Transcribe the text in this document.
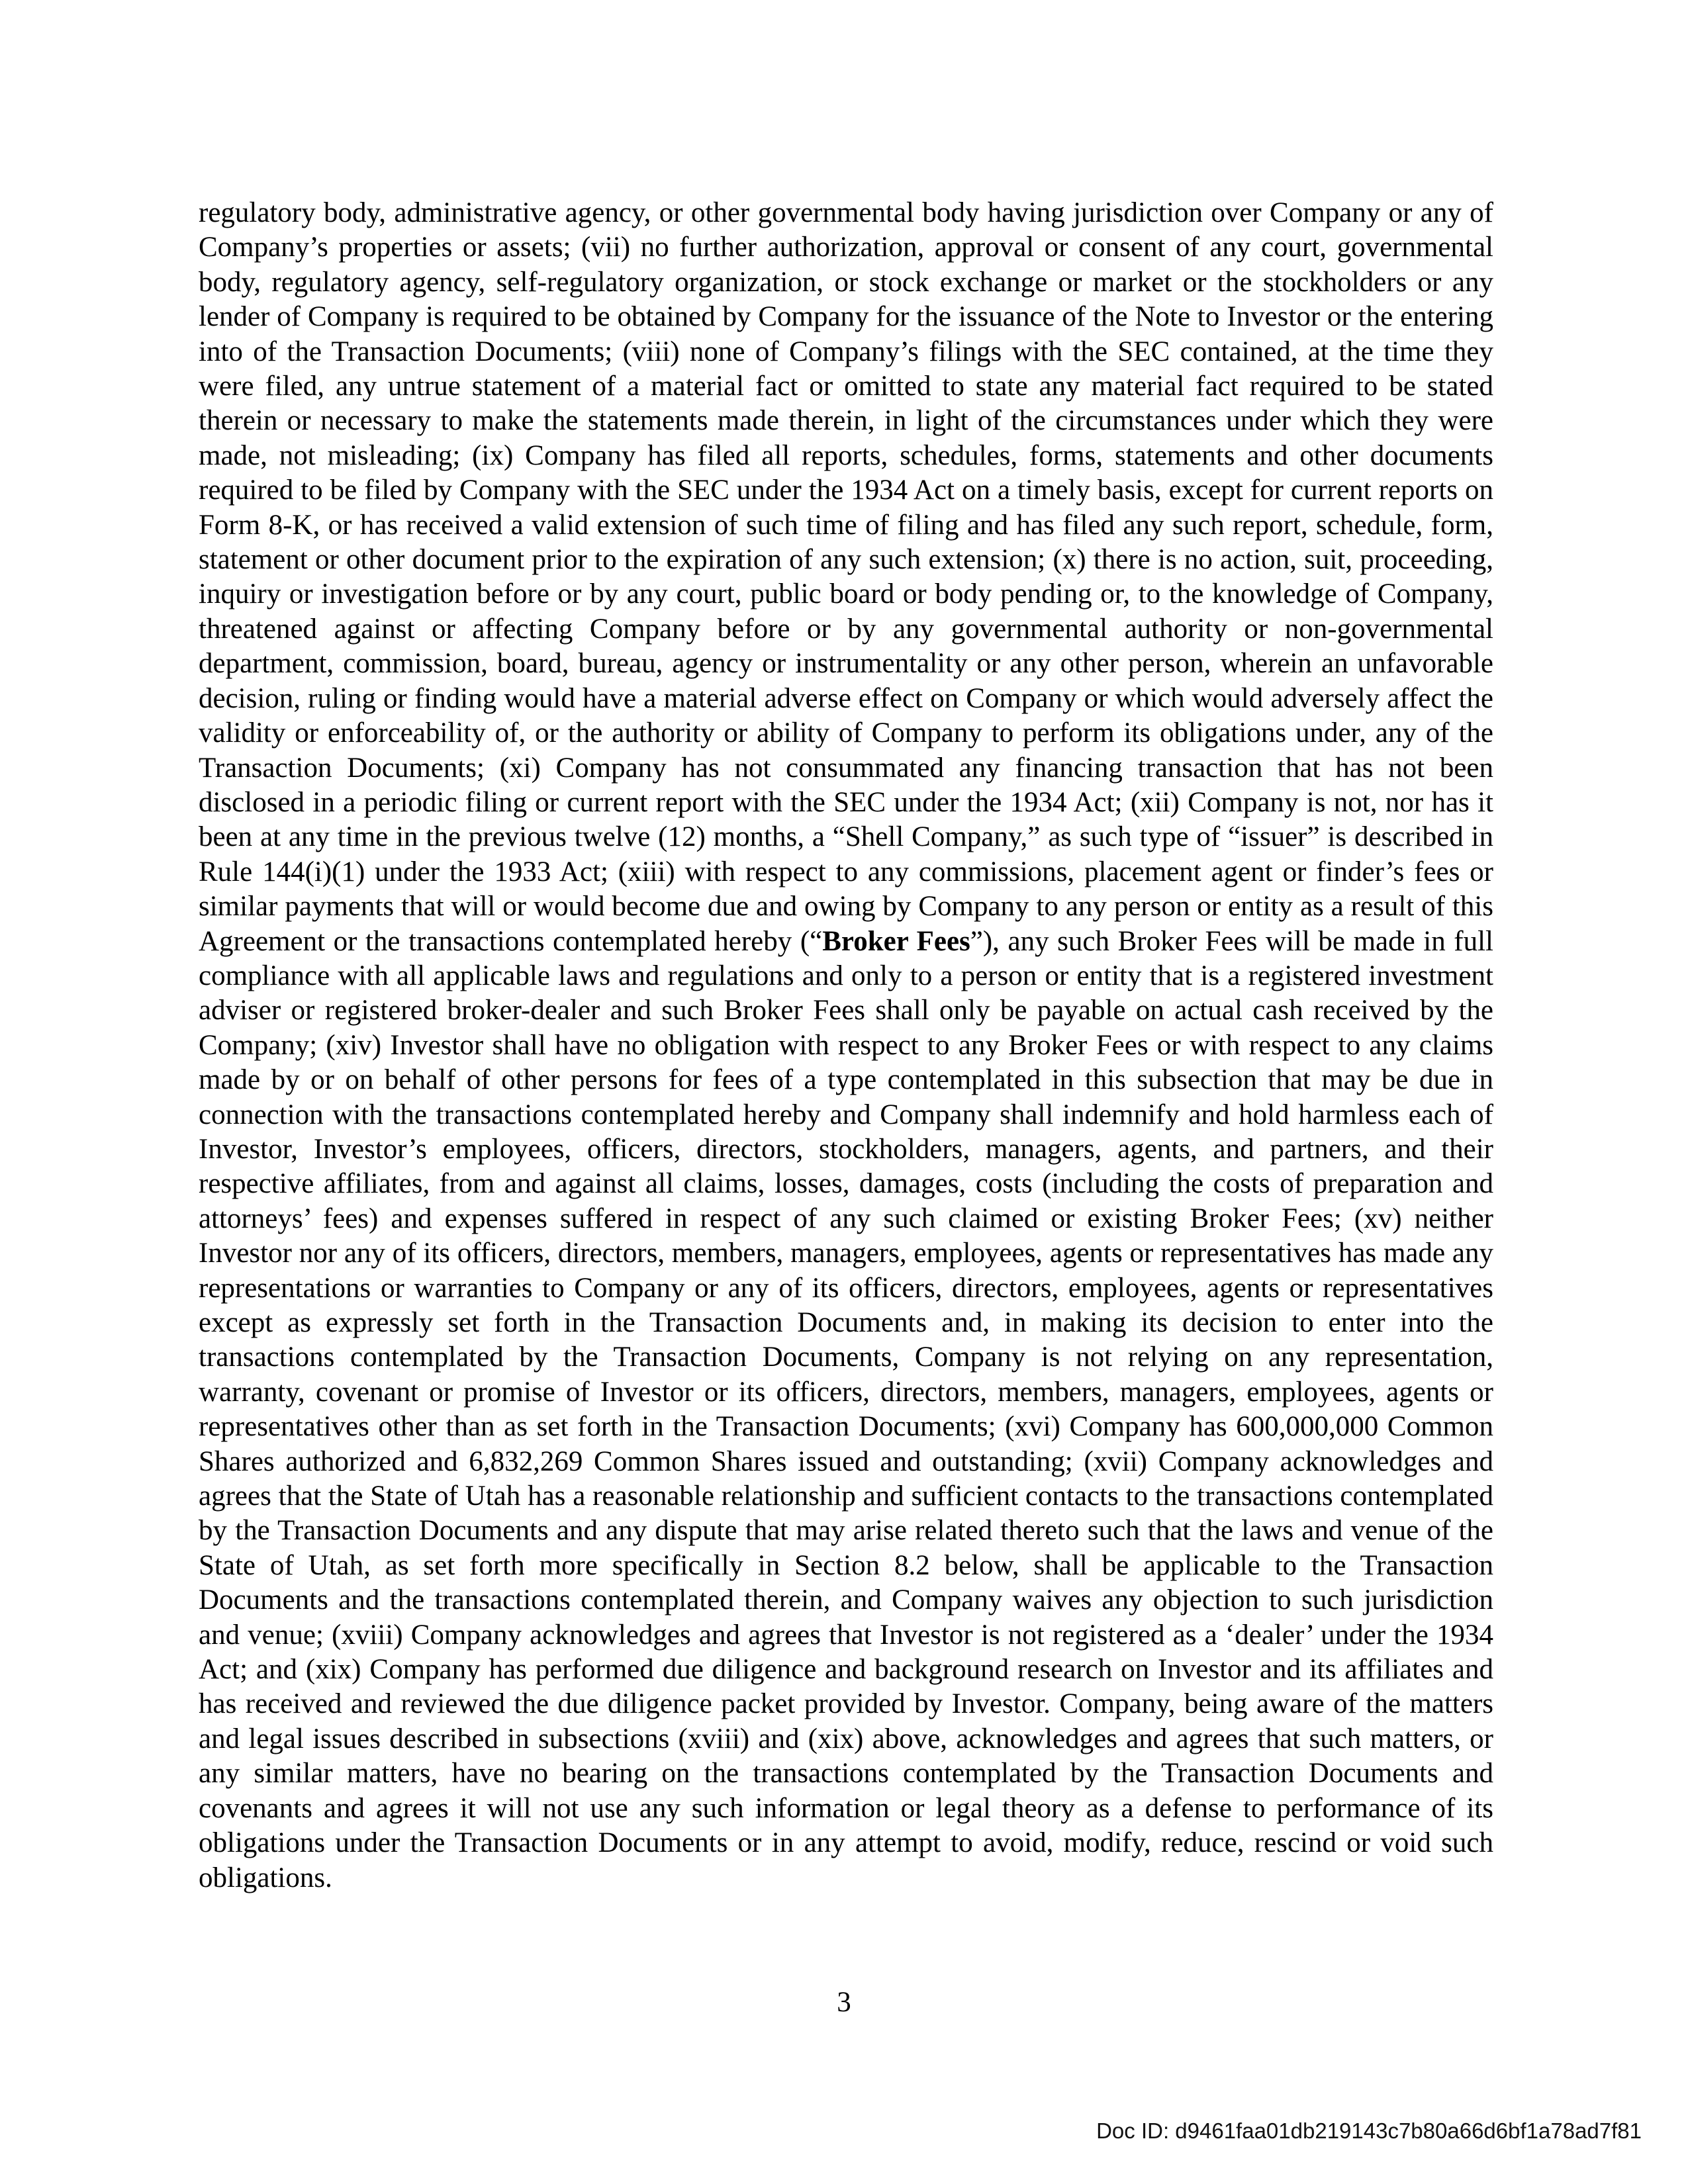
regulatory body, administrative agency, or other governmental body having jurisdiction over Company or any of Company’s properties or assets; (vii) no further authorization, approval or consent of any court, governmental body, regulatory agency, self-regulatory organization, or stock exchange or market or the stockholders or any lender of Company is required to be obtained by Company for the issuance of the Note to Investor or the entering into of the Transaction Documents; (viii) none of Company’s filings with the SEC contained, at the time they were filed, any untrue statement of a material fact or omitted to state any material fact required to be stated therein or necessary to make the statements made therein, in light of the circumstances under which they were made, not misleading; (ix) Company has filed all reports, schedules, forms, statements and other documents required to be filed by Company with the SEC under the 1934 Act on a timely basis, except for current reports on Form 8-K, or has received a valid extension of such time of filing and has filed any such report, schedule, form, statement or other document prior to the expiration of any such extension; (x) there is no action, suit, proceeding, inquiry or investigation before or by any court, public board or body pending or, to the knowledge of Company, threatened against or affecting Company before or by any governmental authority or non-governmental department, commission, board, bureau, agency or instrumentality or any other person, wherein an unfavorable decision, ruling or finding would have a material adverse effect on Company or which would adversely affect the validity or enforceability of, or the authority or ability of Company to perform its obligations under, any of the Transaction Documents; (xi) Company has not consummated any financing transaction that has not been disclosed in a periodic filing or current report with the SEC under the 1934 Act; (xii) Company is not, nor has it been at any time in the previous twelve (12) months, a “Shell Company,” as such type of “issuer” is described in Rule 144(i)(1) under the 1933 Act; (xiii) with respect to any commissions, placement agent or finder’s fees or similar payments that will or would become due and owing by Company to any person or entity as a result of this Agreement or the transactions contemplated hereby (“Broker Fees”), any such Broker Fees will be made in full compliance with all applicable laws and regulations and only to a person or entity that is a registered investment adviser or registered broker-dealer and such Broker Fees shall only be payable on actual cash received by the Company; (xiv) Investor shall have no obligation with respect to any Broker Fees or with respect to any claims made by or on behalf of other persons for fees of a type contemplated in this subsection that may be due in connection with the transactions contemplated hereby and Company shall indemnify and hold harmless each of Investor, Investor’s employees, officers, directors, stockholders, managers, agents, and partners, and their respective affiliates, from and against all claims, losses, damages, costs (including the costs of preparation and attorneys’ fees) and expenses suffered in respect of any such claimed or existing Broker Fees; (xv) neither Investor nor any of its officers, directors, members, managers, employees, agents or representatives has made any representations or warranties to Company or any of its officers, directors, employees, agents or representatives except as expressly set forth in the Transaction Documents and, in making its decision to enter into the transactions contemplated by the Transaction Documents, Company is not relying on any representation, warranty, covenant or promise of Investor or its officers, directors, members, managers, employees, agents or representatives other than as set forth in the Transaction Documents; (xvi) Company has 600,000,000 Common Shares authorized and 6,832,269 Common Shares issued and outstanding; (xvii) Company acknowledges and agrees that the State of Utah has a reasonable relationship and sufficient contacts to the transactions contemplated by the Transaction Documents and any dispute that may arise related thereto such that the laws and venue of the State of Utah, as set forth more specifically in Section 8.2 below, shall be applicable to the Transaction Documents and the transactions contemplated therein, and Company waives any objection to such jurisdiction and venue; (xviii) Company acknowledges and agrees that Investor is not registered as a ‘dealer’ under the 1934 Act; and (xix) Company has performed due diligence and background research on Investor and its affiliates and has received and reviewed the due diligence packet provided by Investor. Company, being aware of the matters and legal issues described in subsections (xviii) and (xix) above, acknowledges and agrees that such matters, or any similar matters, have no bearing on the transactions contemplated by the Transaction Documents and covenants and agrees it will not use any such information or legal theory as a defense to performance of its obligations under the Transaction Documents or in any attempt to avoid, modify, reduce, rescind or void such obligations.

3
Doc ID: d9461faa01db219143c7b80a66d6bf1a78ad7f81
